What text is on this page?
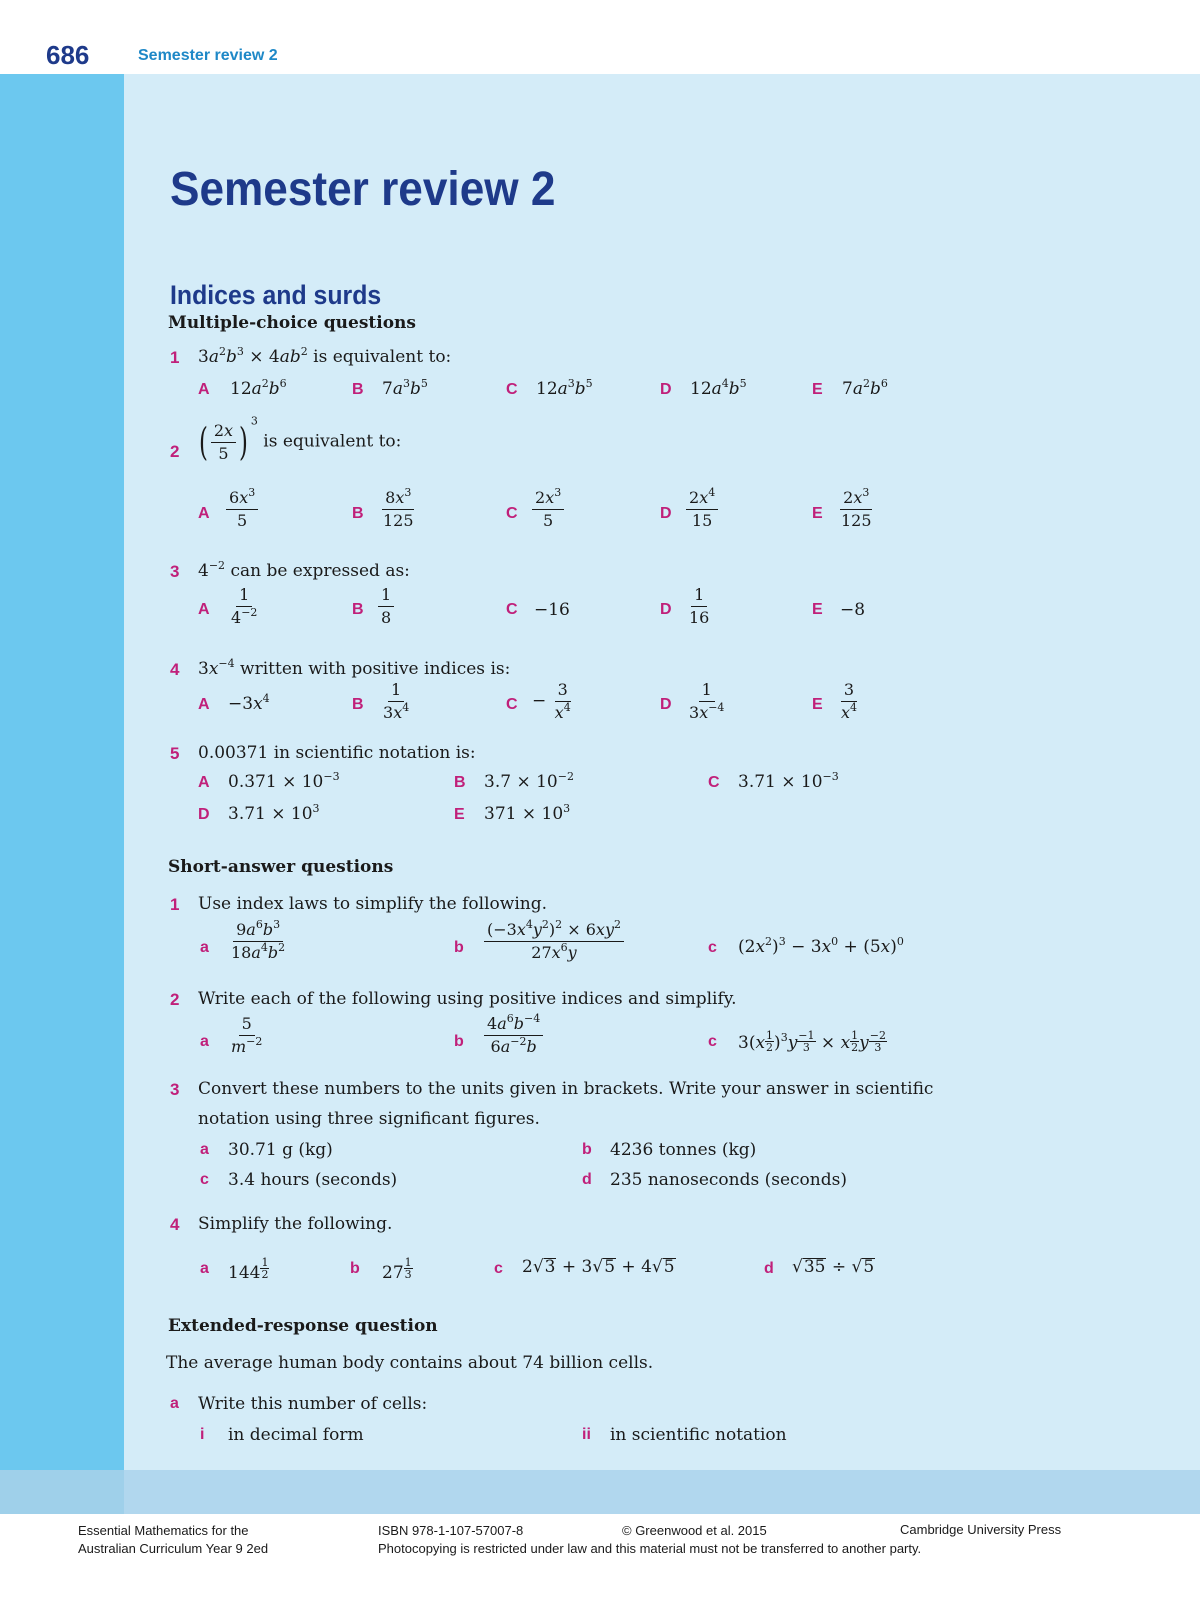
686	Semester review 2
Semester review 2
Indices and surds
Multiple-choice questions
1 $3a^2b^3 \times 4ab^2$ is equivalent to:
A $12a^2b^6$	B $7a^3b^5$	C $12a^3b^5$	D $12a^4b^5$	E $7a^2b^6$
2 ( $\frac{2x}{5}$ ) $^3$ is equivalent to:
A $\frac{6x^3}{5}$	B $\frac{8x^3}{125}$	C $\frac{2x^3}{5}$	D $\frac{2x^4}{15}$	E $\frac{2x^3}{125}$
3 $4^{-2}$ can be expressed as:
A $\frac{1}{4^{-2}}$	B $\frac{1}{8}$	C −16	D $\frac{1}{16}$	E −8
4 $3x^{-4}$ written with positive indices is:
$A -3x^4$	B $\frac{1}{3x^4}$	$C - \frac{3}{x^4}$	D $\frac{1}{3x^{-4}}$	E $\frac{3}{x^4}$
5 0.00371 in scientific notation is:
A $0.371 \times 10^{-3}$	B $3.7 \times 10^{-2}$	C $3.71 \times 10^{-3}$
D $3.71 \times 10^3$	E $371 \times 10^3$
Short-answer questions
1 Use index laws to simplify the following.
a $\frac{9a^6b^3}{18a^4b^2}$	b $\frac{(-3x^4y^2)^2 \times 6xy^2}{27x^6y}$	c $(2x^2)^3 - 3x^0 + (5x)^0$
2 Write each of the following using positive indices and simplify.
a $\frac{5}{m^{-2}}$	b $\frac{4a^6b^{-4}}{6a^{-2}b}$	c $3(x \frac{1}{2} )^3y \frac{-1}{3} \times x \frac{1}{2}$ y $\frac{-2}{3}$
3 Convert these numbers to the units given in brackets. Write your answer in scientific
notation using three significant figures.
a 30.71 g (kg)	b 4236 tonnes (kg)
c 3.4 hours (seconds)	d 235 nanoseconds (seconds)
4 Simplify the following.
a $144 \frac{1}{2}$	b $27 \frac{1}{3}$	c 2√3 + 3√5 + 4√5	d √35 ÷ √5
Extended-response question
The average human body contains about 74 billion cells.
a Write this number of cells:
i in decimal form	ii in scientific notation
Essential Mathematics for the
Australian Curriculum Year 9 2ed
ISBN 978-1-107-57007-8	© Greenwood et al. 2015	Cambridge University Press
Photocopying is restricted under law and this material must not be transferred to another party.
